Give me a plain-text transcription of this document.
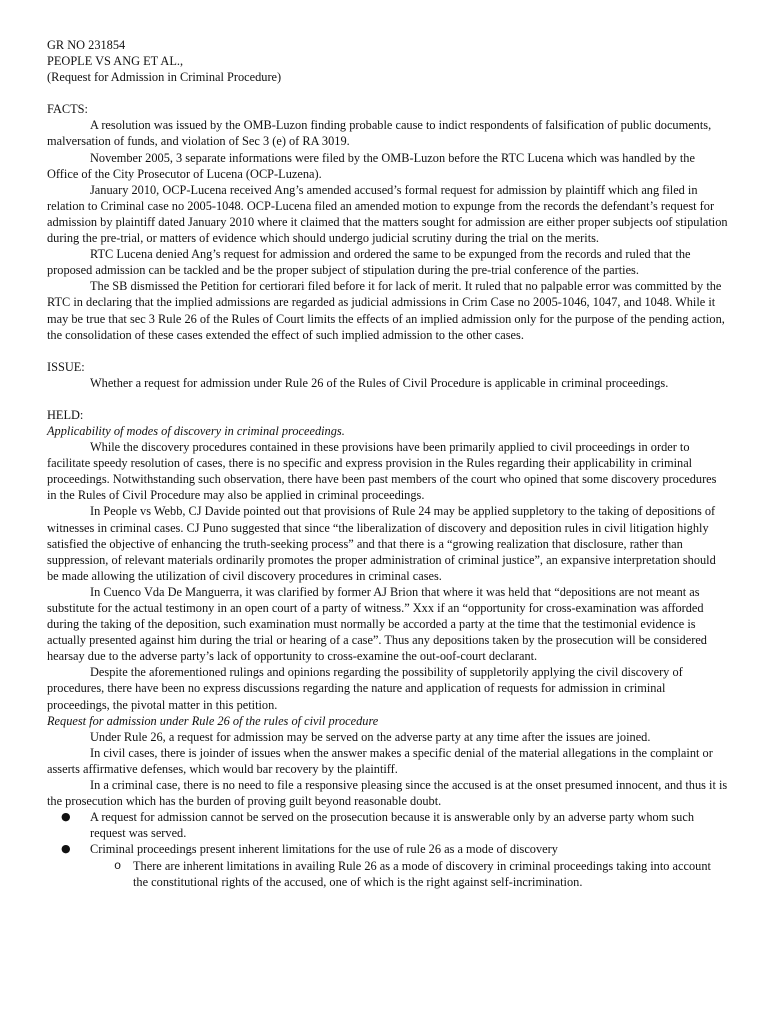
GR NO 231854

PEOPLE VS ANG ET AL.,

(Request for Admission in Criminal Procedure)

FACTS:

A resolution was issued by the OMB-Luzon finding probable cause to indict respondents of falsification of public documents, malversation of funds, and violation of Sec 3 (e) of RA 3019.

November 2005, 3 separate informations were filed by the OMB-Luzon before the RTC Lucena which was handled by the Office of the City Prosecutor of Lucena (OCP-Luzena).

January 2010, OCP-Lucena received Ang’s amended accused’s formal request for admission by plaintiff which ang filed in relation to Criminal case no 2005-1048. OCP-Lucena filed an amended motion to expunge from the records the defendant’s request for admission by plaintiff dated January 2010 where it claimed that the matters sought for admission are either proper subjects oof stipulation during the pre-trial, or matters of evidence which should undergo judicial scrutiny during the trial on the merits.

RTC Lucena denied Ang’s request for admission and ordered the same to be expunged from the records and ruled that the proposed admission can be tackled and be the proper subject of stipulation during the pre-trial conference of the parties.

The SB dismissed the Petition for certiorari filed before it for lack of merit. It ruled that no palpable error was committed by the RTC in declaring that the implied admissions are regarded as judicial admissions in Crim Case no 2005-1046, 1047, and 1048. While it may be true that sec 3 Rule 26 of the Rules of Court limits the effects of an implied admission only for the purpose of the pending action, the consolidation of these cases extended the effect of such implied admission to the other cases.

ISSUE:

Whether a request for admission under Rule 26 of the Rules of Civil Procedure is applicable in criminal proceedings.

HELD:

Applicability of modes of discovery in criminal proceedings.

While the discovery procedures contained in these provisions have been primarily applied to civil proceedings in order to facilitate speedy resolution of cases, there is no specific and express provision in the Rules regarding their applicability in criminal proceedings. Notwithstanding such observation, there have been past members of the court who opined that some discovery procedures in the Rules of Civil Procedure may also be applied in criminal proceedings.

In People vs Webb, CJ Davide pointed out that provisions of Rule 24 may be applied suppletory to the taking of depositions of witnesses in criminal cases. CJ Puno suggested that since “the liberalization of discovery and deposition rules in civil litigation highly satisfied the objective of enhancing the truth-seeking process” and that there is a “growing realization that disclosure, rather than suppression, of relevant materials ordinarily promotes the proper administration of criminal justice”, an expansive interpretation should be made allowing the utilization of civil discovery procedures in criminal cases.

In Cuenco Vda De Manguerra, it was clarified by former AJ Brion that where it was held that “depositions are not meant as substitute for the actual testimony in an open court of a party of witness.” Xxx if an “opportunity for cross-examination was afforded during the taking of the deposition, such examination must normally be accorded a party at the time that the testimonial evidence is actually presented against him during the trial or hearing of a case”. Thus any depositions taken by the prosecution will be considered hearsay due to the adverse party’s lack of opportunity to cross-examine the out-oof-court declarant.

Despite the aforementioned rulings and opinions regarding the possibility of suppletorily applying the civil discovery of procedures, there have been no express discussions regarding the nature and application of requests for admission in criminal proceedings, the pivotal matter in this petition.

Request for admission under Rule 26 of the rules of civil procedure

Under Rule 26, a request for admission may be served on the adverse party at any time after the issues are joined.

In civil cases, there is joinder of issues when the answer makes a specific denial of the material allegations in the complaint or asserts affirmative defenses, which would bar recovery by the plaintiff.

In a criminal case, there is no need to file a responsive pleasing since the accused is at the onset presumed innocent, and thus it is the prosecution which has the burden of proving guilt beyond reasonable doubt.

● A request for admission cannot be served on the prosecution because it is answerable only by an adverse party whom such request was served.
● Criminal proceedings present inherent limitations for the use of rule 26 as a mode of discovery
o There are inherent limitations in availing Rule 26 as a mode of discovery in criminal proceedings taking into account the constitutional rights of the accused, one of which is the right against self-incrimination.
